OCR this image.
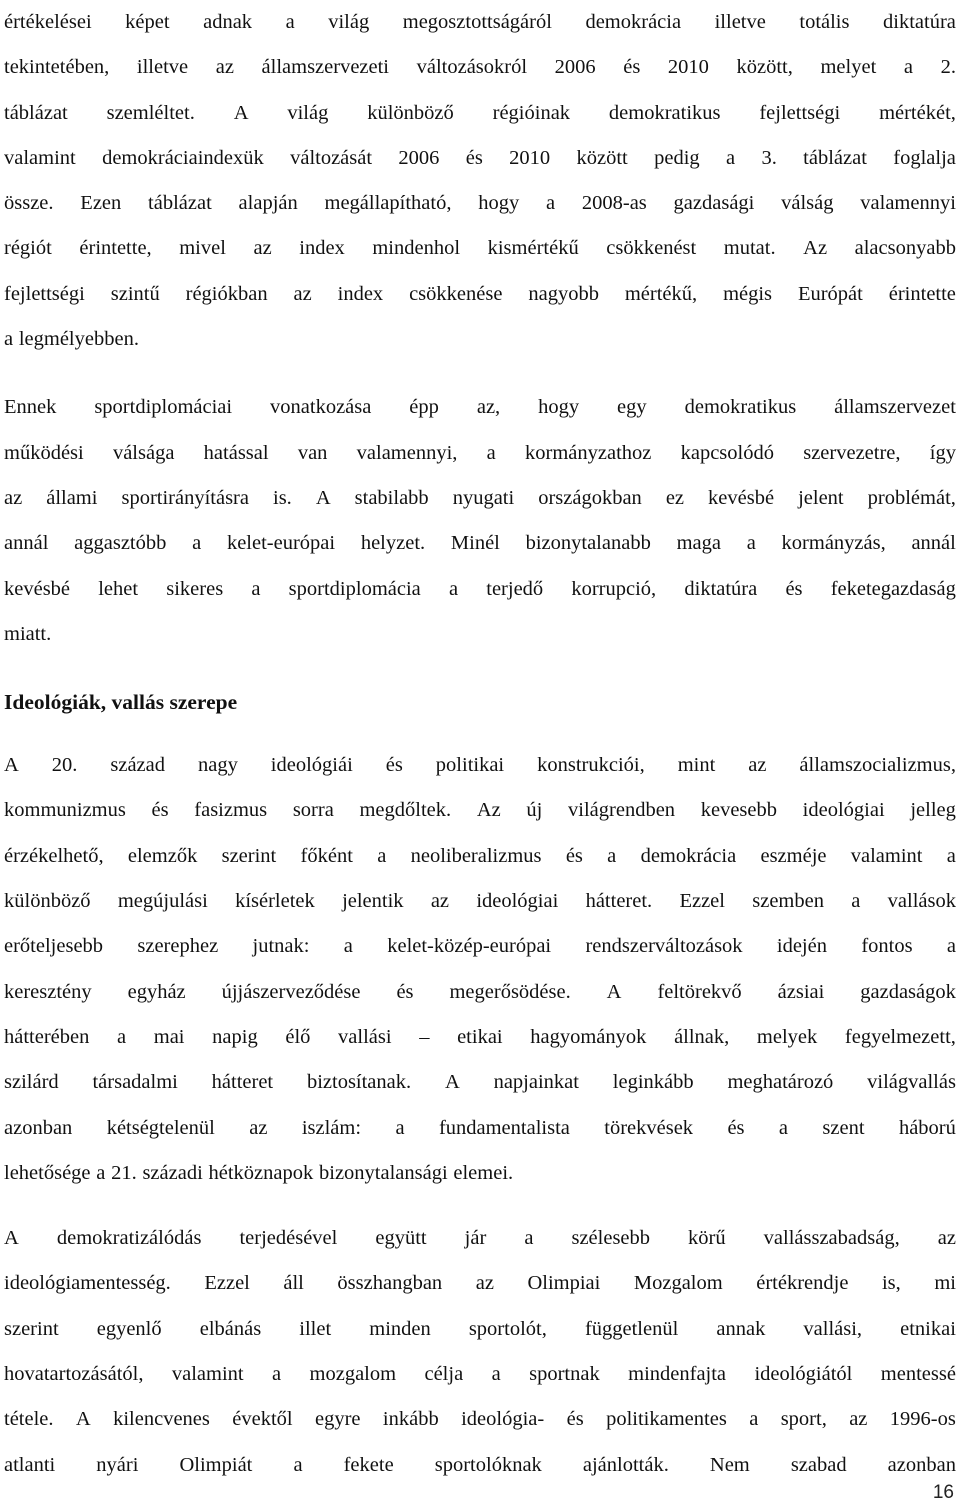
értékelései képet adnak a világ megosztottságáról demokrácia illetve totális diktatúra
tekintetében, illetve az államszervezeti változásokról 2006 és 2010 között, melyet a 2.
táblázat szemléltet. A világ különböző régióinak demokratikus fejlettségi mértékét,
valamint demokráciaindexük változását 2006 és 2010 között pedig a 3. táblázat foglalja
össze. Ezen táblázat alapján megállapítható, hogy a 2008-as gazdasági válság valamennyi
régiót érintette, mivel az index mindenhol kismértékű csökkenést mutat. Az alacsonyabb
fejlettségi szintű régiókban az index csökkenése nagyobb mértékű, mégis Európát érintette
a legmélyebben.
Ennek sportdiplomáciai vonatkozása épp az, hogy egy demokratikus államszervezet
működési válsága hatással van valamennyi, a kormányzathoz kapcsolódó szervezetre, így
az állami sportirányításra is. A stabilabb nyugati országokban ez kevésbé jelent problémát,
annál aggasztóbb a kelet-európai helyzet. Minél bizonytalanabb maga a kormányzás, annál
kevésbé lehet sikeres a sportdiplomácia a terjedő korrupció, diktatúra és feketegazdaság
miatt.
Ideológiák, vallás szerepe
A 20. század nagy ideológiái és politikai konstrukciói, mint az államszocializmus,
kommunizmus és fasizmus sorra megdőltek. Az új világrendben kevesebb ideológiai jelleg
érzékelhető, elemzők szerint főként a neoliberalizmus és a demokrácia eszméje valamint a
különböző megújulási kísérletek jelentik az ideológiai hátteret. Ezzel szemben a vallások
erőteljesebb szerephez jutnak: a kelet-közép-európai rendszerváltozások idején fontos a
keresztény egyház újjászerveződése és megerősödése. A feltörekvő ázsiai gazdaságok
hátterében a mai napig élő vallási – etikai hagyományok állnak, melyek fegyelmezett,
szilárd társadalmi hátteret biztosítanak. A napjainkat leginkább meghatározó világvallás
azonban kétségtelenül az iszlám: a fundamentalista törekvések és a szent háború
lehetősége a 21. századi hétköznapok bizonytalansági elemei.
A demokratizálódás terjedésével együtt jár a szélesebb körű vallásszabadság, az
ideológiamentesség. Ezzel áll összhangban az Olimpiai Mozgalom értékrendje is, mi
szerint egyenlő elbánás illet minden sportolót, függetlenül annak vallási, etnikai
hovatartozásától, valamint a mozgalom célja a sportnak mindenfajta ideológiától mentessé
tétele. A kilencvenes évektől egyre inkább ideológia- és politikamentes a sport, az 1996-os
atlanti nyári Olimpiát a fekete sportolóknak ajánlották. Nem szabad azonban
16
